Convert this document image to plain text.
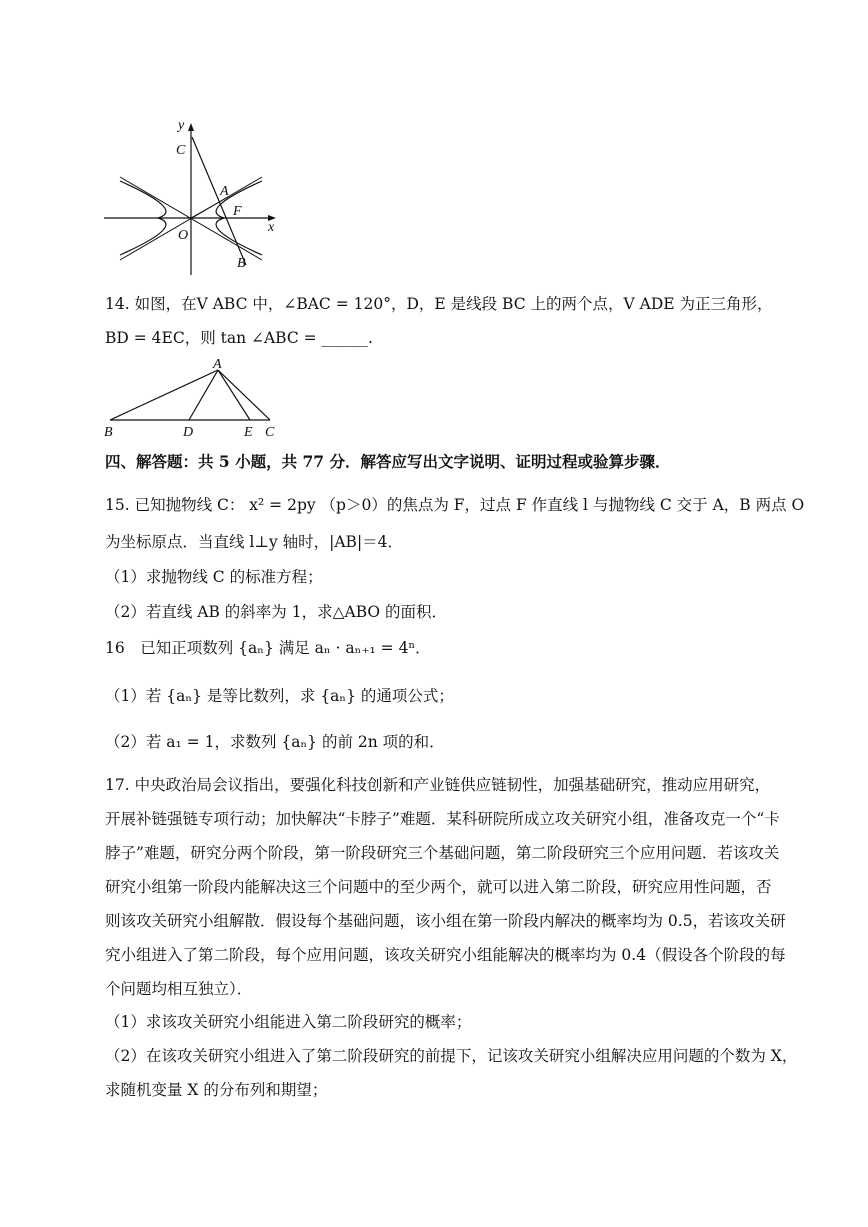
y
x
C
A
F
O
B
14. 如图，在V ABC 中，∠BAC = 120°，D，E 是线段 BC 上的两个点，V ADE 为正三角形，
BD = 4EC，则 tan ∠ABC = ______.
A
B	D	E C
四、解答题：共 5 小题，共 77 分．解答应写出文字说明、证明过程或验算步骤．
15. 已知抛物线 C： x² = 2py （p＞0）的焦点为 F，过点 F 作直线 l 与抛物线 C 交于 A，B 两点 O
为坐标原点．当直线 l⊥y 轴时，|AB|＝4．
（1）求抛物线 C 的标准方程；
（2）若直线 AB 的斜率为 1，求△ABO 的面积．
16　已知正项数列 {aₙ} 满足 aₙ · aₙ₊₁ = 4ⁿ．
（1）若 {aₙ} 是等比数列，求 {aₙ} 的通项公式；
（2）若 a₁ = 1，求数列 {aₙ} 的前 2n 项的和．
17. 中央政治局会议指出，要强化科技创新和产业链供应链韧性，加强基础研究，推动应用研究，
开展补链强链专项行动；加快解决“卡脖子”难题．某科研院所成立攻关研究小组，准备攻克一个“卡
脖子”难题，研究分两个阶段，第一阶段研究三个基础问题，第二阶段研究三个应用问题．若该攻关
研究小组第一阶段内能解决这三个问题中的至少两个，就可以进入第二阶段，研究应用性问题，否
则该攻关研究小组解散．假设每个基础问题，该小组在第一阶段内解决的概率均为 0.5，若该攻关研
究小组进入了第二阶段，每个应用问题，该攻关研究小组能解决的概率均为 0.4（假设各个阶段的每
个问题均相互独立）．
（1）求该攻关研究小组能进入第二阶段研究的概率；
（2）在该攻关研究小组进入了第二阶段研究的前提下，记该攻关研究小组解决应用问题的个数为 X，
求随机变量 X 的分布列和期望；
